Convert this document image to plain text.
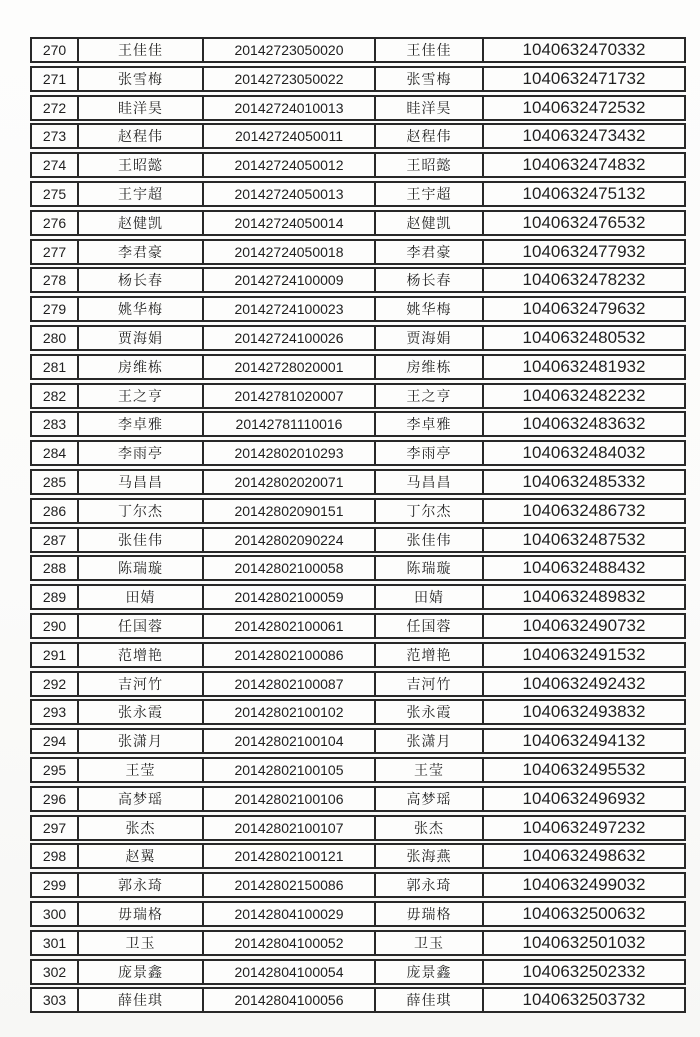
270	王佳佳	20142723050020	王佳佳	1040632470332
271	张雪梅	20142723050022	张雪梅	1040632471732
272	眭洋昊	20142724010013	眭洋昊	1040632472532
273	赵程伟	20142724050011	赵程伟	1040632473432
274	王昭懿	20142724050012	王昭懿	1040632474832
275	王宇超	20142724050013	王宇超	1040632475132
276	赵健凯	20142724050014	赵健凯	1040632476532
277	李君豪	20142724050018	李君豪	1040632477932
278	杨长春	20142724100009	杨长春	1040632478232
279	姚华梅	20142724100023	姚华梅	1040632479632
280	贾海娟	20142724100026	贾海娟	1040632480532
281	房维栋	20142728020001	房维栋	1040632481932
282	王之亨	20142781020007	王之亨	1040632482232
283	李卓雅	20142781110016	李卓雅	1040632483632
284	李雨亭	20142802010293	李雨亭	1040632484032
285	马昌昌	20142802020071	马昌昌	1040632485332
286	丁尔杰	20142802090151	丁尔杰	1040632486732
287	张佳伟	20142802090224	张佳伟	1040632487532
288	陈瑞璇	20142802100058	陈瑞璇	1040632488432
289	田婧	20142802100059	田婧	1040632489832
290	任国蓉	20142802100061	任国蓉	1040632490732
291	范增艳	20142802100086	范增艳	1040632491532
292	吉河竹	20142802100087	吉河竹	1040632492432
293	张永霞	20142802100102	张永霞	1040632493832
294	张潇月	20142802100104	张潇月	1040632494132
295	王莹	20142802100105	王莹	1040632495532
296	高梦瑶	20142802100106	高梦瑶	1040632496932
297	张杰	20142802100107	张杰	1040632497232
298	赵翼	20142802100121	张海燕	1040632498632
299	郭永琦	20142802150086	郭永琦	1040632499032
300	毋瑞格	20142804100029	毋瑞格	1040632500632
301	卫玉	20142804100052	卫玉	1040632501032
302	庞景鑫	20142804100054	庞景鑫	1040632502332
303	薛佳琪	20142804100056	薛佳琪	1040632503732
